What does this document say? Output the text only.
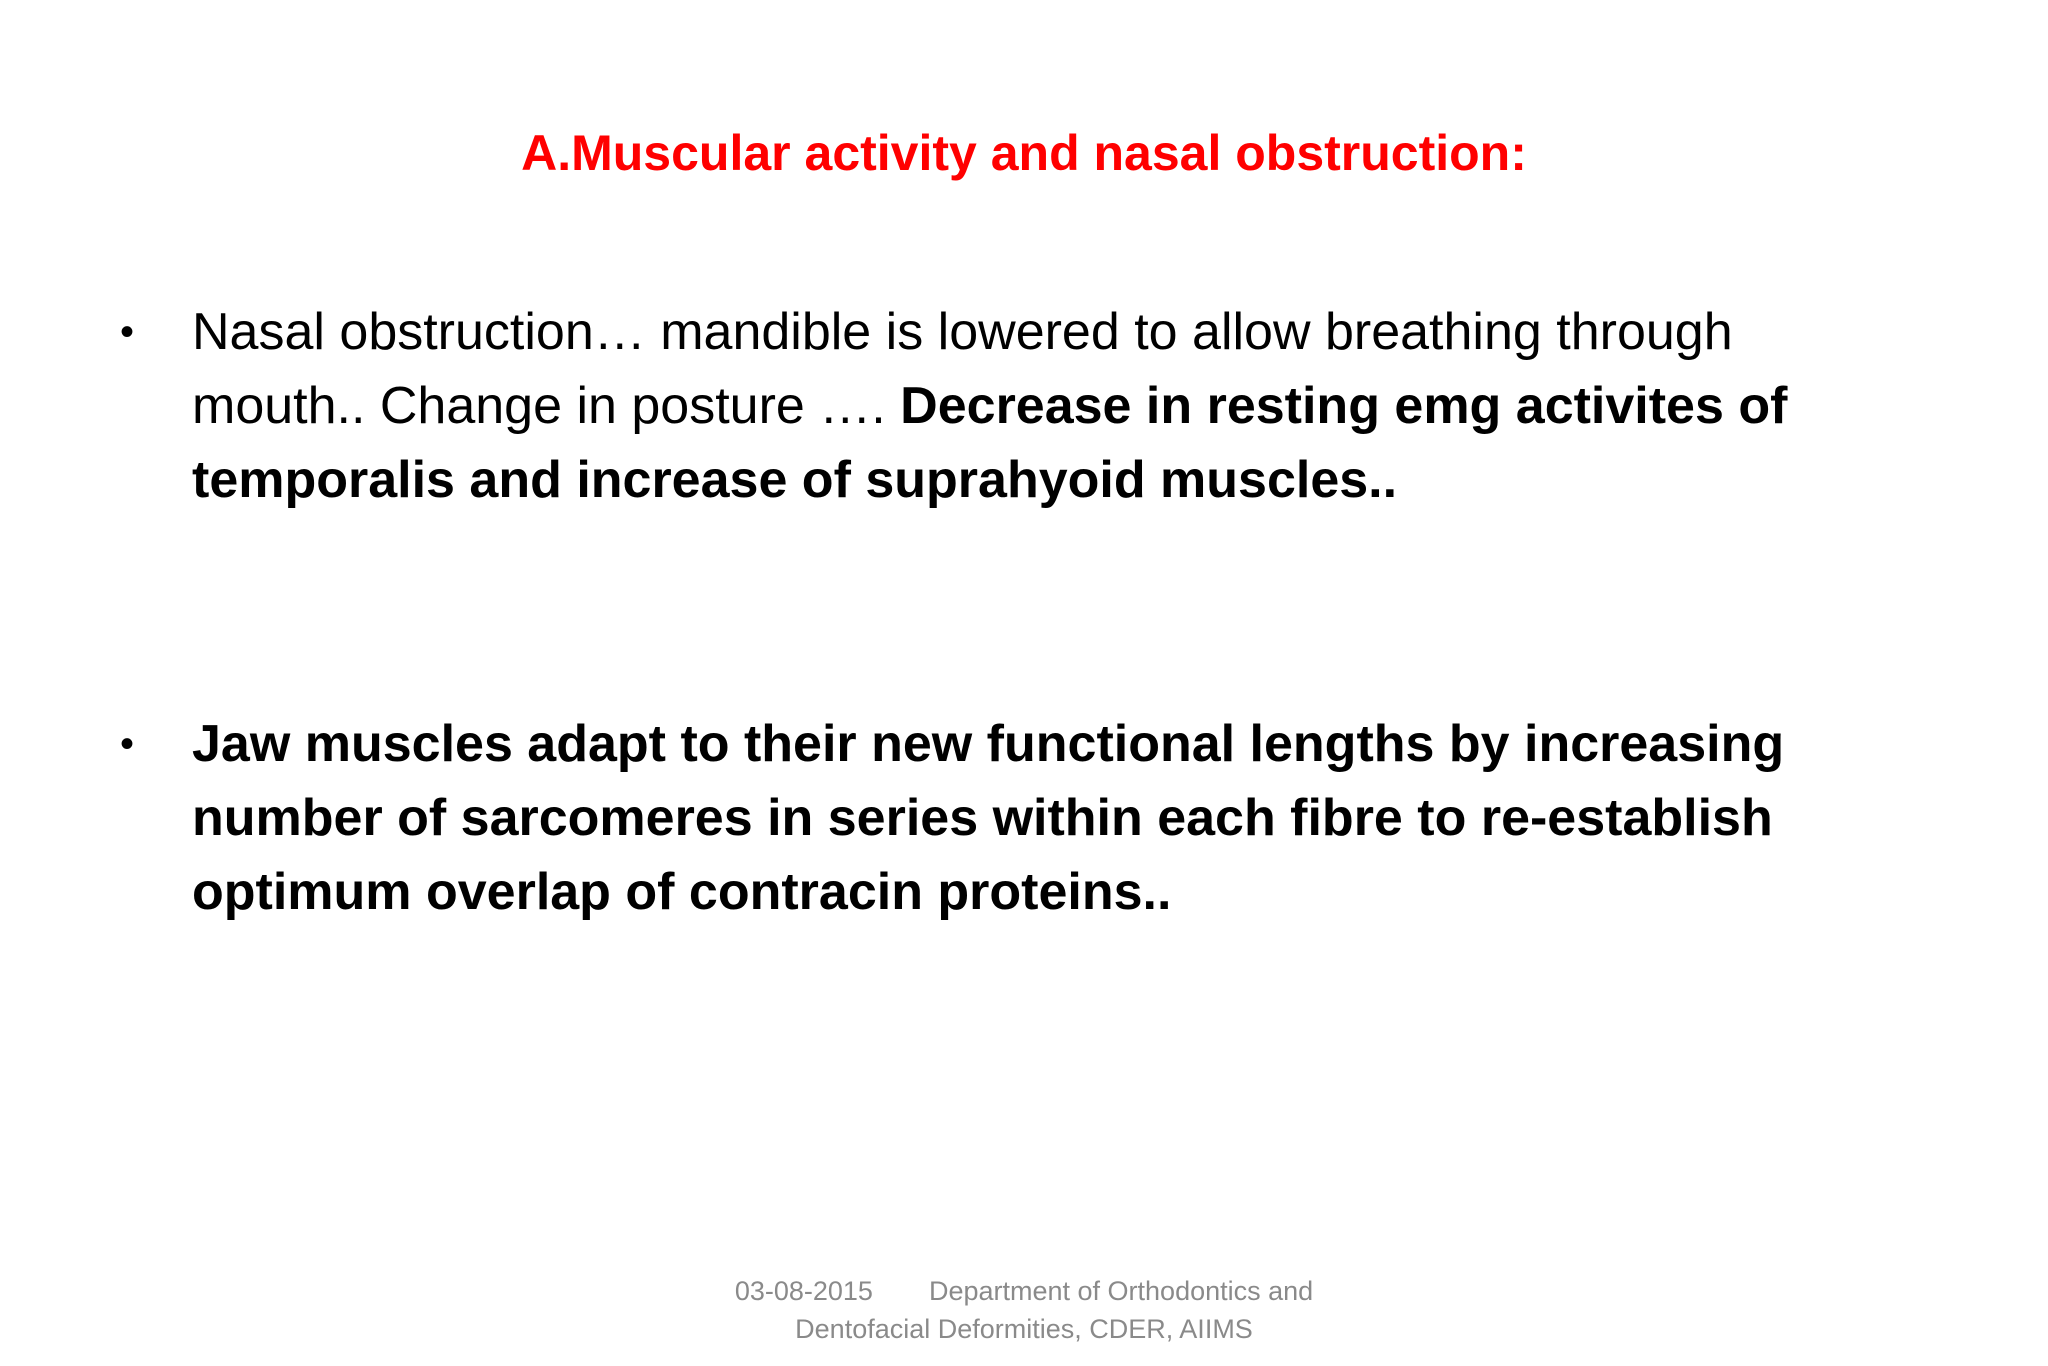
A.Muscular activity and nasal obstruction:
•	Nasal obstruction… mandible is lowered to allow breathing through mouth.. Change in posture …. Decrease in resting emg activites of temporalis and increase of suprahyoid muscles..
•	Jaw muscles adapt to their new functional lengths by increasing number of sarcomeres in series within each fibre to re-establish optimum overlap of contracin proteins..
03-08-2015 Department of Orthodontics and
Dentofacial Deformities, CDER, AIIMS
